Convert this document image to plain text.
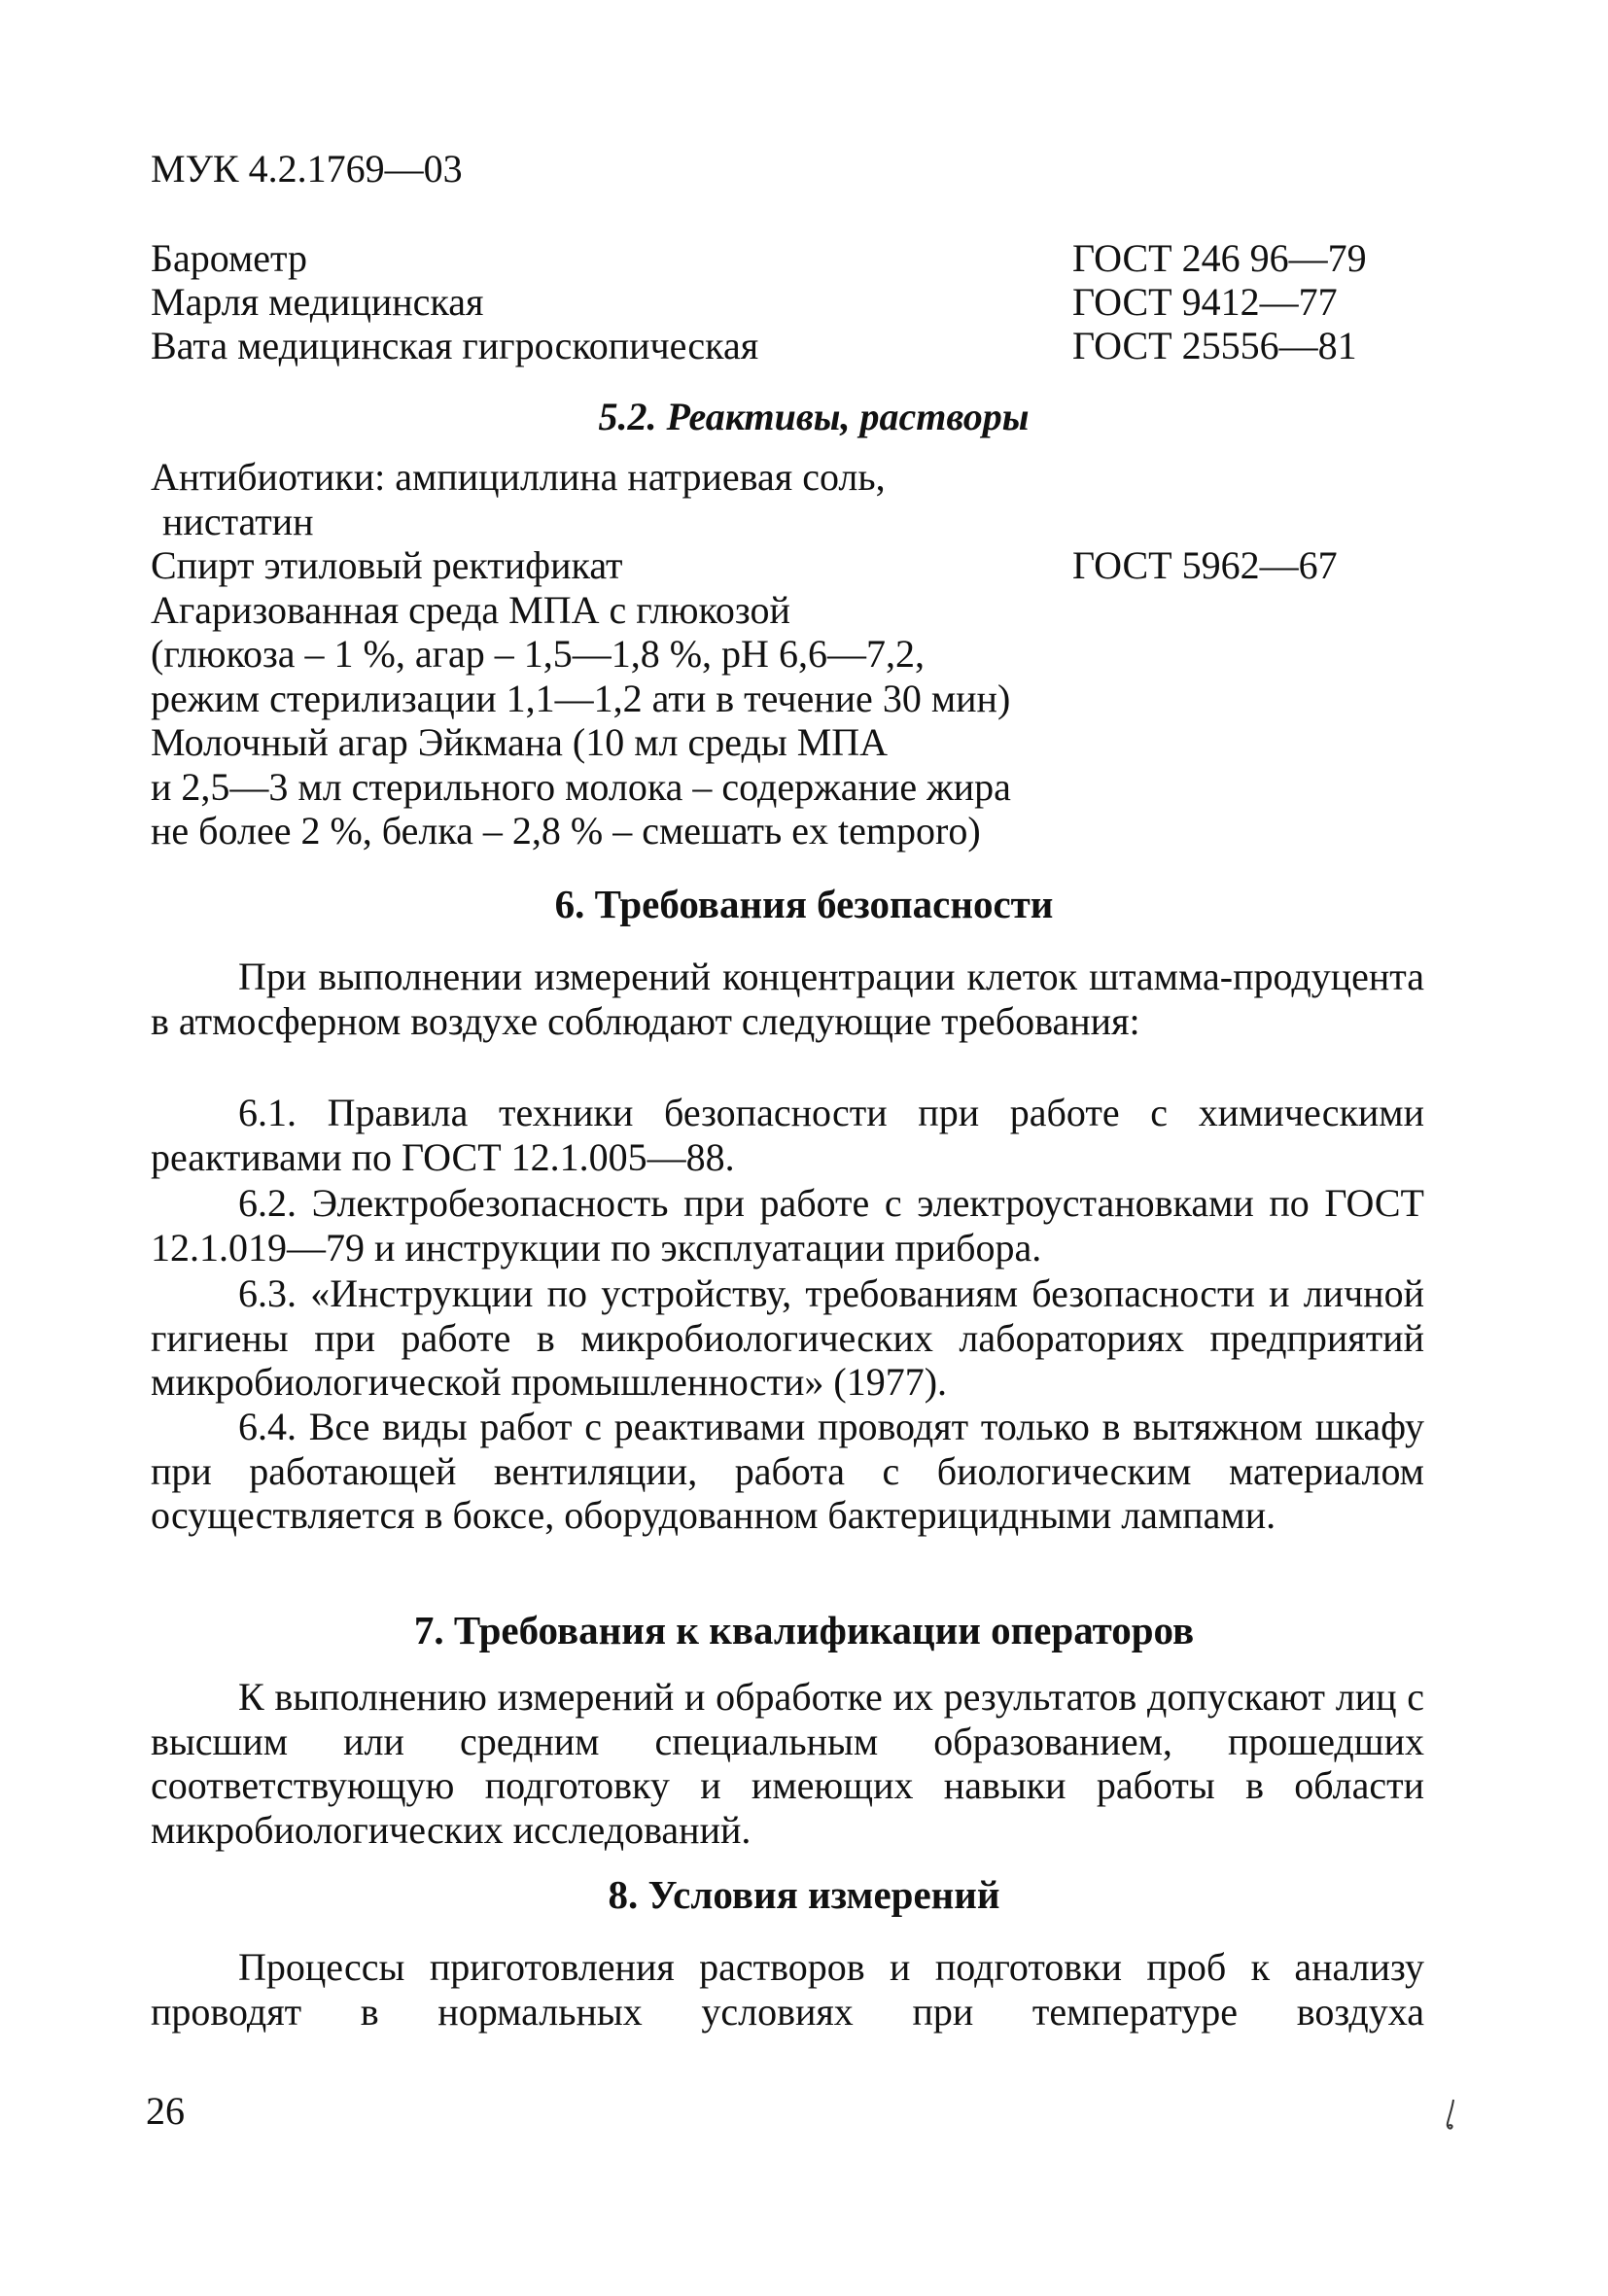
МУК 4.2.1769—03
Барометр	ГОСТ 246 96—79
Марля медицинская	ГОСТ 9412—77
Вата медицинская гигроскопическая	ГОСТ 25556—81
5.2. Реактивы, растворы
Антибиотики: ампициллина натриевая соль,
нистатин
Спирт этиловый ректификат	ГОСТ 5962—67
Агаризованная среда МПА с глюкозой
(глюкоза – 1 %, агар – 1,5—1,8 %, рН 6,6—7,2,
режим стерилизации 1,1—1,2 ати в течение 30 мин)
Молочный агар Эйкмана (10 мл среды МПА
и 2,5—3 мл стерильного молока – содержание жира
не более 2 %, белка – 2,8 % – смешать ex temporo)
6. Требования безопасности

При выполнении измерений концентрации клеток штамма-продуцента в атмосферном воздухе соблюдают следующие требования:

6.1. Правила техники безопасности при работе с химическими реактивами по ГОСТ 12.1.005—88.

6.2. Электробезопасность при работе с электроустановками по ГОСТ 12.1.019—79 и инструкции по эксплуатации прибора.

6.3. «Инструкции по устройству, требованиям безопасности и личной гигиены при работе в микробиологических лабораториях предприятий микробиологической промышленности» (1977).

6.4. Все виды работ с реактивами проводят только в вытяжном шкафу при работающей вентиляции, работа с биологическим материалом осуществляется в боксе, оборудованном бактерицидными лампами.

7. Требования к квалификации операторов

К выполнению измерений и обработке их результатов допускают лиц с высшим или средним специальным образованием, прошедших соответствующую подготовку и имеющих навыки работы в области микробиологических исследований.

8. Условия измерений

Процессы приготовления растворов и подготовки проб к анализу проводят в нормальных условиях при температуре воздуха

26
